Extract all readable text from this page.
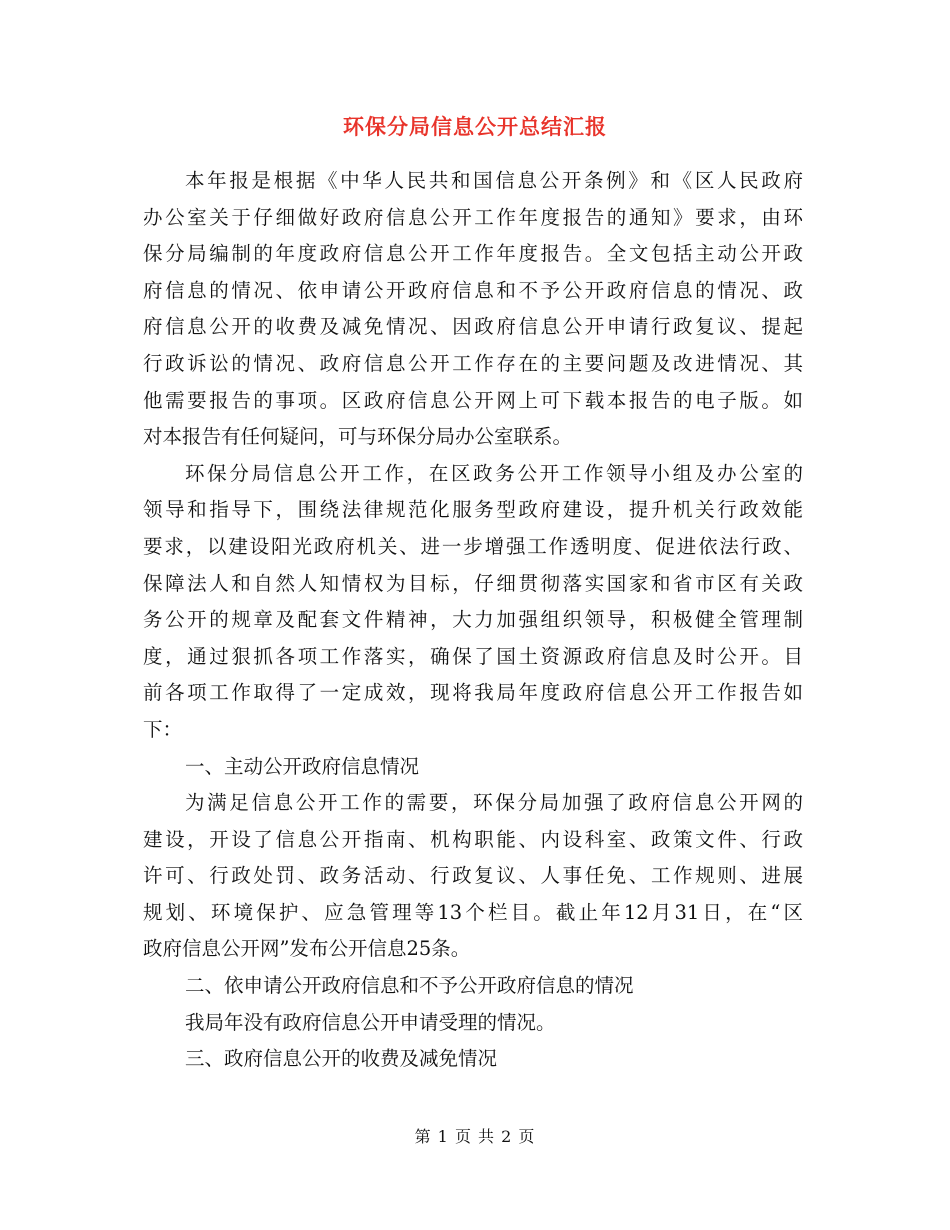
环保分局信息公开总结汇报
本年报是根据《中华人民共和国信息公开条例》和《区人民政府
办公室关于仔细做好政府信息公开工作年度报告的通知》要求，由环
保分局编制的年度政府信息公开工作年度报告。全文包括主动公开政
府信息的情况、依申请公开政府信息和不予公开政府信息的情况、政
府信息公开的收费及减免情况、因政府信息公开申请行政复议、提起
行政诉讼的情况、政府信息公开工作存在的主要问题及改进情况、其
他需要报告的事项。区政府信息公开网上可下载本报告的电子版。如
对本报告有任何疑问，可与环保分局办公室联系。
环保分局信息公开工作，在区政务公开工作领导小组及办公室的
领导和指导下，围绕法律规范化服务型政府建设，提升机关行政效能
要求，以建设阳光政府机关、进一步增强工作透明度、促进依法行政、
保障法人和自然人知情权为目标，仔细贯彻落实国家和省市区有关政
务公开的规章及配套文件精神，大力加强组织领导，积极健全管理制
度，通过狠抓各项工作落实，确保了国土资源政府信息及时公开。目
前各项工作取得了一定成效，现将我局年度政府信息公开工作报告如
下：
一、主动公开政府信息情况
为满足信息公开工作的需要，环保分局加强了政府信息公开网的
建设，开设了信息公开指南、机构职能、内设科室、政策文件、行政
许可、行政处罚、政务活动、行政复议、人事任免、工作规则、进展
规划、环境保护、应急管理等13个栏目。截止年12月31日，在“区
政府信息公开网”发布公开信息25条。
二、依申请公开政府信息和不予公开政府信息的情况
我局年没有政府信息公开申请受理的情况。
三、政府信息公开的收费及减免情况
第 1 页 共 2 页
